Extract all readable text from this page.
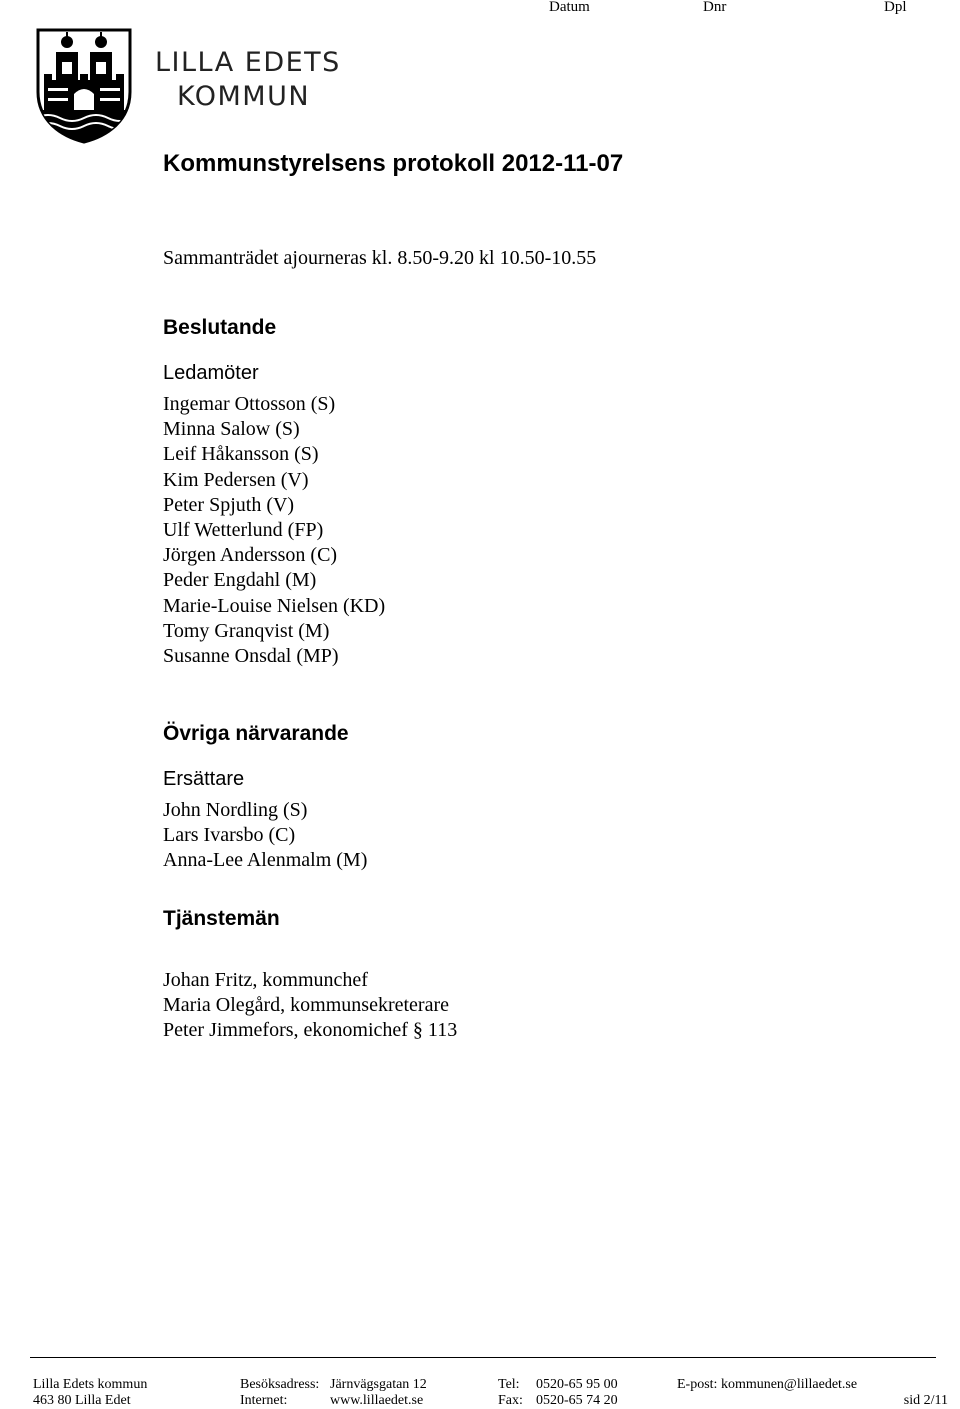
Datum	Dnr	Dpl
LILLA EDETS
KOMMUN
Kommunstyrelsens protokoll 2012-11-07
Sammanträdet ajourneras kl. 8.50-9.20 kl 10.50-10.55
Beslutande
Ledamöter
Ingemar Ottosson (S)
Minna Salow (S)
Leif Håkansson (S)
Kim Pedersen (V)
Peter Spjuth (V)
Ulf Wetterlund (FP)
Jörgen Andersson (C)
Peder Engdahl (M)
Marie-Louise Nielsen (KD)
Tomy Granqvist (M)
Susanne Onsdal (MP)
Övriga närvarande
Ersättare
John Nordling (S)
Lars Ivarsbo (C)
Anna-Lee Alenmalm (M)
Tjänstemän
Johan Fritz, kommunchef
Maria Olegård, kommunsekreterare
Peter Jimmefors, ekonomichef § 113
Lilla Edets kommun
463 80 Lilla Edet
Besöksadress: Järnvägsgatan 12
Internet:	www.lillaedet.se
Tel: 0520-65 95 00
Fax: 0520-65 74 20
E-post: kommunen@lillaedet.se
sid 2/11
